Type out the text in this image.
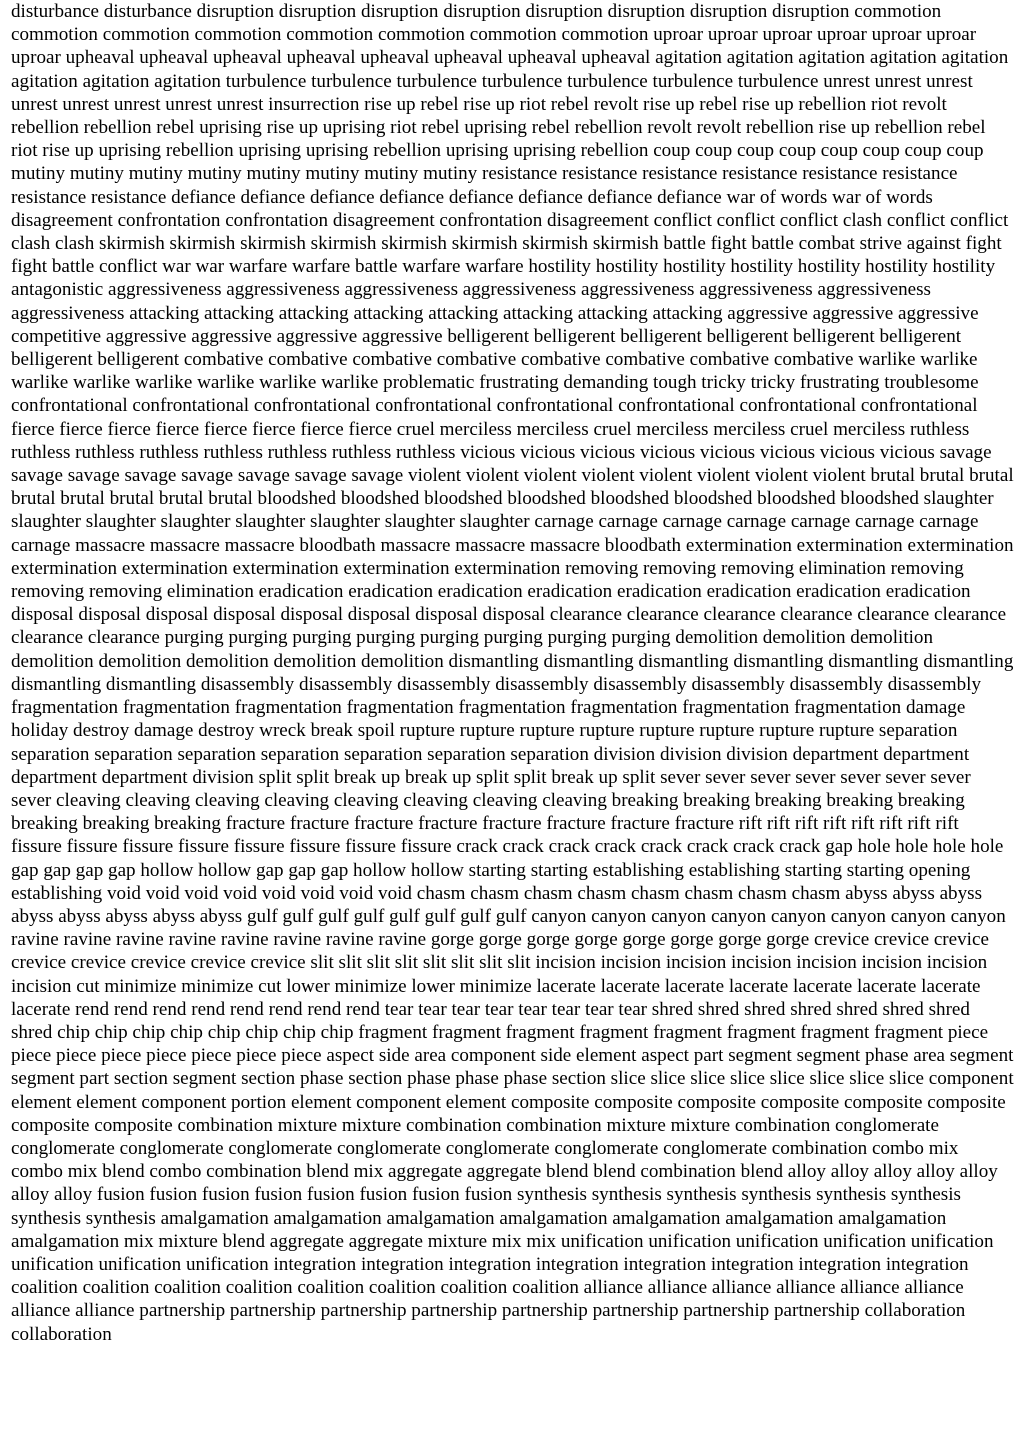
disturbance disturbance disruption disruption disruption disruption disruption disruption disruption disruption commotion commotion commotion commotion commotion commotion commotion commotion uproar uproar uproar uproar uproar uproar uproar upheaval upheaval upheaval upheaval upheaval upheaval upheaval upheaval agitation agitation agitation agitation agitation agitation agitation agitation turbulence turbulence turbulence turbulence turbulence turbulence turbulence unrest unrest unrest unrest unrest unrest unrest unrest insurrection rise up rebel rise up riot rebel revolt rise up rebel rise up rebellion riot revolt rebellion rebellion rebel uprising rise up uprising riot rebel uprising rebel rebellion revolt revolt rebellion rise up rebellion rebel riot rise up uprising rebellion uprising uprising rebellion uprising uprising rebellion coup coup coup coup coup coup coup coup mutiny mutiny mutiny mutiny mutiny mutiny mutiny mutiny resistance resistance resistance resistance resistance resistance resistance resistance defiance defiance defiance defiance defiance defiance defiance defiance war of words war of words disagreement confrontation confrontation disagreement confrontation disagreement conflict conflict conflict clash conflict conflict clash clash skirmish skirmish skirmish skirmish skirmish skirmish skirmish skirmish battle fight battle combat strive against fight fight battle conflict war war warfare warfare battle warfare warfare hostility hostility hostility hostility hostility hostility hostility antagonistic aggressiveness aggressiveness aggressiveness aggressiveness aggressiveness aggressiveness aggressiveness aggressiveness attacking attacking attacking attacking attacking attacking attacking attacking aggressive aggressive aggressive competitive aggressive aggressive aggressive aggressive belligerent belligerent belligerent belligerent belligerent belligerent belligerent belligerent combative combative combative combative combative combative combative combative warlike warlike warlike warlike warlike warlike warlike warlike problematic frustrating demanding tough tricky tricky frustrating troublesome confrontational confrontational confrontational confrontational confrontational confrontational confrontational confrontational fierce fierce fierce fierce fierce fierce fierce fierce cruel merciless merciless cruel merciless merciless cruel merciless ruthless ruthless ruthless ruthless ruthless ruthless ruthless ruthless vicious vicious vicious vicious vicious vicious vicious vicious savage savage savage savage savage savage savage savage violent violent violent violent violent violent violent violent brutal brutal brutal brutal brutal brutal brutal brutal bloodshed bloodshed bloodshed bloodshed bloodshed bloodshed bloodshed bloodshed slaughter slaughter slaughter slaughter slaughter slaughter slaughter slaughter carnage carnage carnage carnage carnage carnage carnage carnage massacre massacre massacre bloodbath massacre massacre massacre bloodbath extermination extermination extermination extermination extermination extermination extermination extermination removing removing removing elimination removing removing removing elimination eradication eradication eradication eradication eradication eradication eradication eradication disposal disposal disposal disposal disposal disposal disposal disposal clearance clearance clearance clearance clearance clearance clearance clearance purging purging purging purging purging purging purging purging demolition demolition demolition demolition demolition demolition demolition demolition dismantling dismantling dismantling dismantling dismantling dismantling dismantling dismantling disassembly disassembly disassembly disassembly disassembly disassembly disassembly disassembly fragmentation fragmentation fragmentation fragmentation fragmentation fragmentation fragmentation fragmentation damage holiday destroy damage destroy wreck break spoil rupture rupture rupture rupture rupture rupture rupture rupture separation separation separation separation separation separation separation separation division division division department department department department division split split break up break up split split break up split sever sever sever sever sever sever sever sever cleaving cleaving cleaving cleaving cleaving cleaving cleaving cleaving breaking breaking breaking breaking breaking breaking breaking breaking fracture fracture fracture fracture fracture fracture fracture fracture rift rift rift rift rift rift rift rift fissure fissure fissure fissure fissure fissure fissure fissure crack crack crack crack crack crack crack crack gap hole hole hole hole gap gap gap gap hollow hollow gap gap gap hollow hollow starting starting establishing establishing starting starting opening establishing void void void void void void void void chasm chasm chasm chasm chasm chasm chasm chasm abyss abyss abyss abyss abyss abyss abyss abyss gulf gulf gulf gulf gulf gulf gulf gulf canyon canyon canyon canyon canyon canyon canyon canyon ravine ravine ravine ravine ravine ravine ravine ravine gorge gorge gorge gorge gorge gorge gorge gorge crevice crevice crevice crevice crevice crevice crevice crevice slit slit slit slit slit slit slit slit incision incision incision incision incision incision incision incision cut minimize minimize cut lower minimize lower minimize lacerate lacerate lacerate lacerate lacerate lacerate lacerate lacerate rend rend rend rend rend rend rend rend tear tear tear tear tear tear tear tear shred shred shred shred shred shred shred shred chip chip chip chip chip chip chip chip fragment fragment fragment fragment fragment fragment fragment fragment piece piece piece piece piece piece piece piece aspect side area component side element aspect part segment segment phase area segment segment part section segment section phase section phase phase phase section slice slice slice slice slice slice slice slice component element element component portion element component element composite composite composite composite composite composite composite composite combination mixture mixture combination combination mixture mixture combination conglomerate conglomerate conglomerate conglomerate conglomerate conglomerate conglomerate conglomerate combination combo mix combo mix blend combo combination blend mix aggregate aggregate blend blend combination blend alloy alloy alloy alloy alloy alloy alloy fusion fusion fusion fusion fusion fusion fusion fusion synthesis synthesis synthesis synthesis synthesis synthesis synthesis synthesis amalgamation amalgamation amalgamation amalgamation amalgamation amalgamation amalgamation amalgamation mix mixture blend aggregate aggregate mixture mix mix unification unification unification unification unification unification unification unification integration integration integration integration integration integration integration integration coalition coalition coalition coalition coalition coalition coalition coalition alliance alliance alliance alliance alliance alliance alliance alliance partnership partnership partnership partnership partnership partnership partnership partnership collaboration collaboration
